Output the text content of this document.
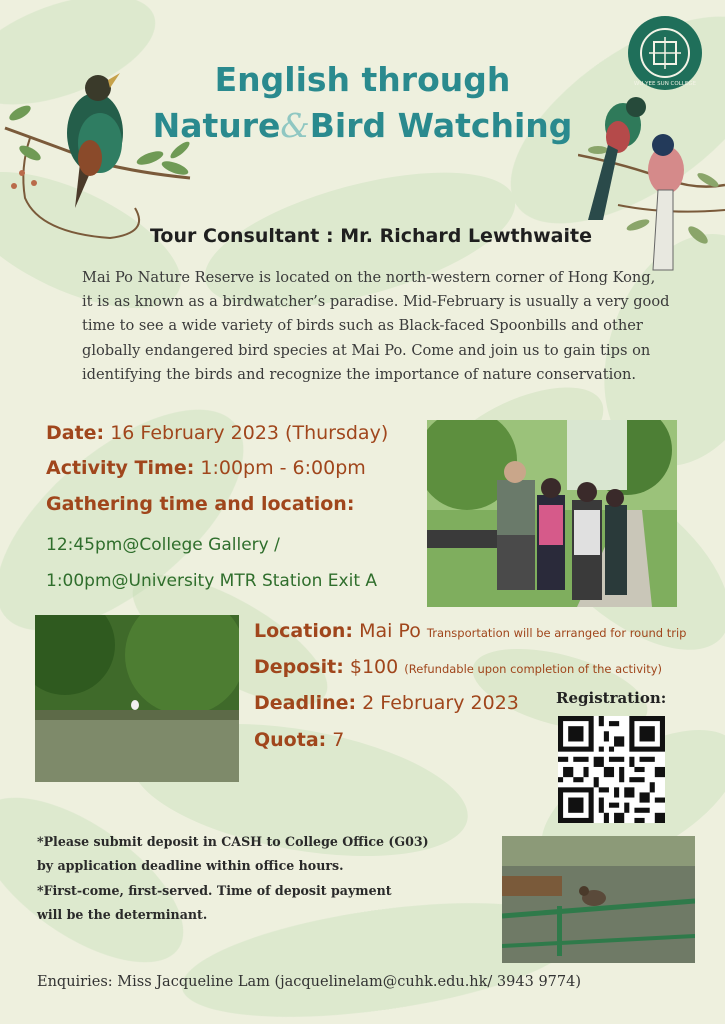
WU YEE SUN COLLEGE
English through
Nature&Bird Watching
Tour Consultant : Mr. Richard Lewthwaite
Mai Po Nature Reserve is located on the north-western corner of Hong Kong,
it is as known as a birdwatcher’s paradise. Mid-February is usually a very good
time to see a wide variety of birds such as Black-faced Spoonbills and other
globally endangered bird species at Mai Po. Come and join us to gain tips on
identifying the birds and recognize the importance of nature conservation.
Date: 16 February 2023 (Thursday)
Activity Time: 1:00pm - 6:00pm
Gathering time and location:
12:45pm@College Gallery /
1:00pm@University MTR Station Exit A
Location: Mai Po Transportation will be arranged for round trip
Deposit: $100 (Refundable upon completion of the activity)
Deadline: 2 February 2023
Quota: 7
Registration:
*Please submit deposit in CASH to College Office (G03)
by application deadline within office hours.
*First-come, first-served. Time of deposit payment
will be the determinant.
Enquiries: Miss Jacqueline Lam (jacquelinelam@cuhk.edu.hk/ 3943 9774)
